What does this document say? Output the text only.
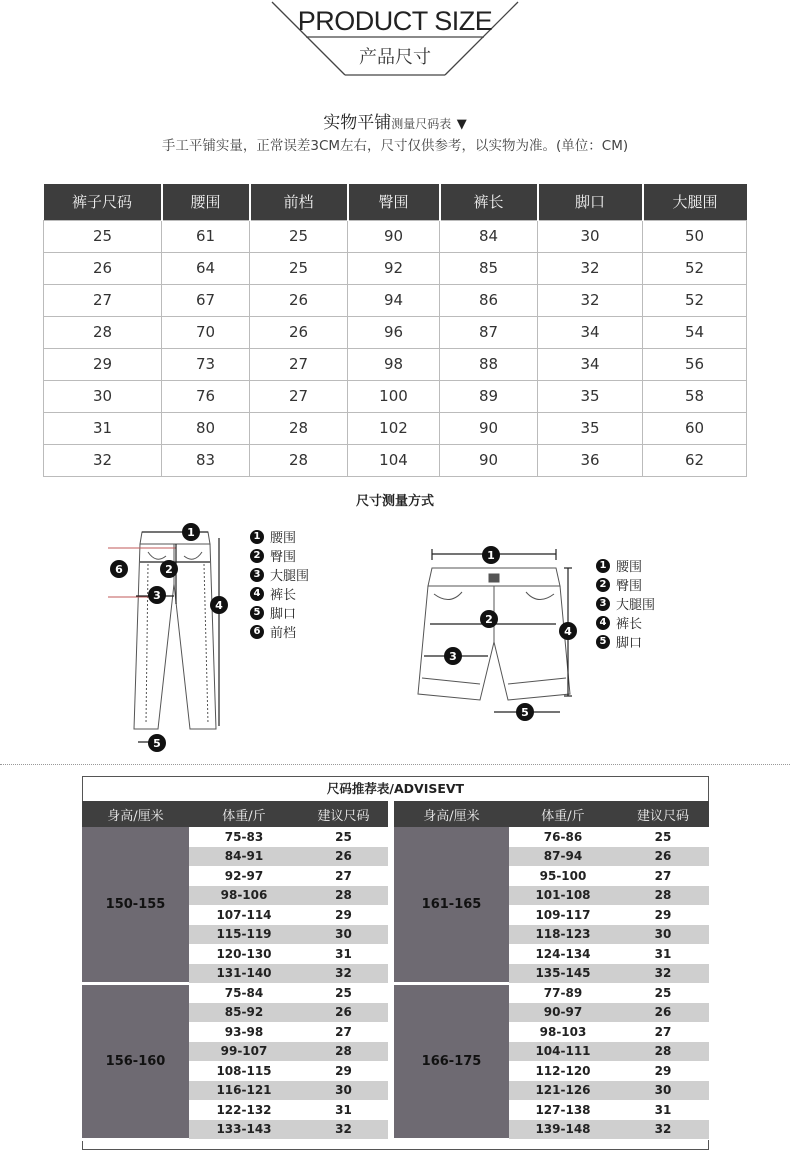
PRODUCT SIZE
产品尺寸
实物平铺测量尺码表 ▼
手工平铺实量，正常误差3CM左右，尺寸仅供参考，以实物为准。(单位：CM)
裤子尺码	腰围	前档	臀围	裤长	脚口	大腿围
25	61	25	90	84	30	50
26	64	25	92	85	32	52
27	67	26	94	86	32	52
28	70	26	96	87	34	54
29	73	27	98	88	34	56
30	76	27	100	89	35	58
31	80	28	102	90	35	60
32	83	28	104	90	36	62
尺寸测量方式
1
2
3
4
5
6
1 腰围
2 臀围
3 大腿围
4 裤长
5 脚口
6 前档
1
2
3
4
5
1 腰围
2 臀围
3 大腿围
4 裤长
5 脚口
尺码推荐表/ADVISEVT
身高/厘米	体重/斤	建议尺码		身高/厘米	体重/斤	建议尺码
150-155	75-83	25		161-165	76-86	25
	84-91	26			87-94	26
	92-97	27			95-100	27
	98-106	28			101-108	28
	107-114	29			109-117	29
	115-119	30			118-123	30
	120-130	31			124-134	31
	131-140	32			135-145	32
156-160	75-84	25		166-175	77-89	25
	85-92	26			90-97	26
	93-98	27			98-103	27
	99-107	28			104-111	28
	108-115	29			112-120	29
	116-121	30			121-126	30
	122-132	31			127-138	31
	133-143	32			139-148	32
